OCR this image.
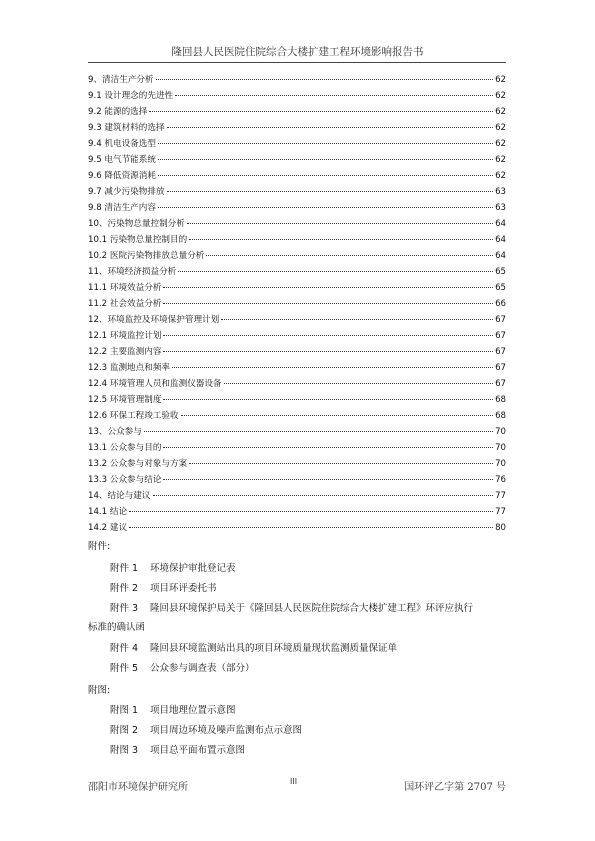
隆回县人民医院住院综合大楼扩建工程环境影响报告书
9、清洁生产分析	62
9.1 设计理念的先进性	62
9.2 能源的选择	62
9.3 建筑材料的选择	62
9.4 机电设备选型	62
9.5 电气节能系统	62
9.6 降低资源消耗	62
9.7 减少污染物排放	63
9.8 清洁生产内容	63
10、污染物总量控制分析	64
10.1 污染物总量控制目的	64
10.2 医院污染物排放总量分析	64
11、环境经济损益分析	65
11.1 环境效益分析	65
11.2 社会效益分析	66
12、环境监控及环境保护管理计划	67
12.1 环境监控计划	67
12.2 主要监测内容	67
12.3 监测地点和频率	67
12.4 环境管理人员和监测仪器设备	67
12.5 环境管理制度	68
12.6 环保工程竣工验收	68
13、公众参与	70
13.1 公众参与目的	70
13.2 公众参与对象与方案	70
13.3 公众参与结论	76
14、结论与建议	77
14.1 结论	77
14.2 建议	80
附件:
附件 1 环境保护审批登记表
附件 2 项目环评委托书
附件 3 隆回县环境保护局关于《隆回县人民医院住院综合大楼扩建工程》环评应执行
标准的确认函
附件 4 隆回县环境监测站出具的项目环境质量现状监测质量保证单
附件 5 公众参与调查表（部分）
附图:
附图 1 项目地理位置示意图
附图 2 项目周边环境及噪声监测布点示意图
附图 3 项目总平面布置示意图
邵阳市环境保护研究所
III
国环评乙字第 2707 号
